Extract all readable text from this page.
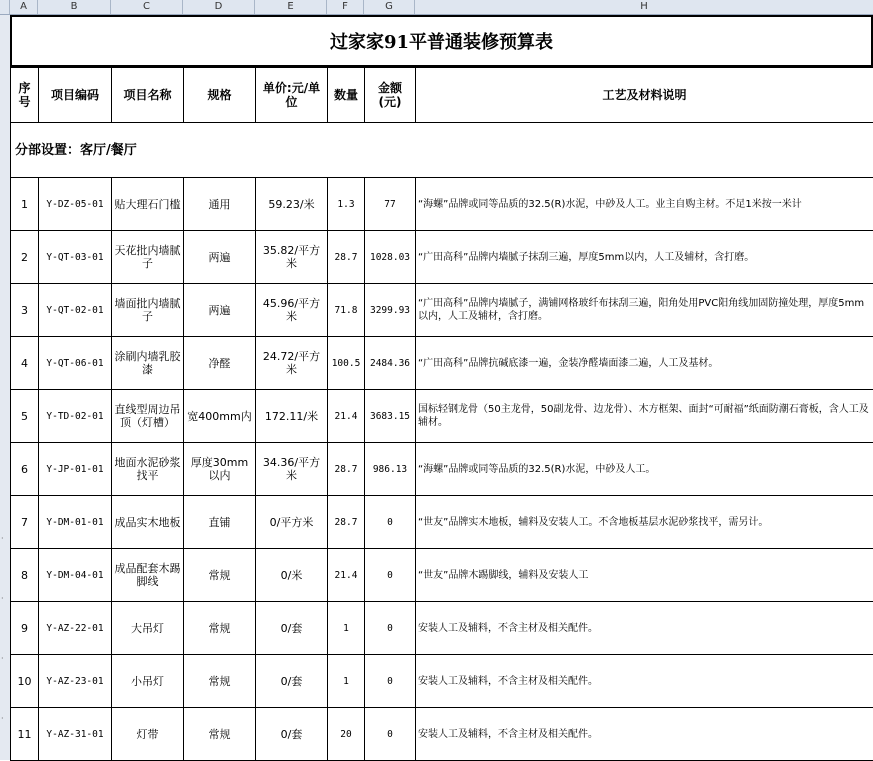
A	B	C	D	E	F	G	H
·
·
·
·
过家家91平普通装修预算表
序号	项目编码	项目名称	规格	单价:元/单位	数量	金额(元)	工艺及材料说明
分部设置：客厅/餐厅							
1	Y-DZ-05-01	贴大理石门槛	通用	59.23/米	1.3	77	“海螺”品牌或同等品质的32.5(R)水泥，中砂及人工。业主自购主材。不足1米按一米计
2	Y-QT-03-01	天花批内墙腻子	两遍	35.82/平方米	28.7	1028.03	“广田高科”品牌内墙腻子抹刮三遍，厚度5mm以内，人工及辅材，含打磨。
3	Y-QT-02-01	墙面批内墙腻子	两遍	45.96/平方米	71.8	3299.93	“广田高科”品牌内墙腻子，满铺网格玻纤布抹刮三遍，阳角处用PVC阳角线加固防撞处理，厚度5mm以内，人工及辅材，含打磨。
4	Y-QT-06-01	涂刷内墙乳胶漆	净醛	24.72/平方米	100.5	2484.36	“广田高科”品牌抗碱底漆一遍，金装净醛墙面漆二遍，人工及基材。
5	Y-TD-02-01	直线型周边吊顶（灯槽）	宽400mm内	172.11/米	21.4	3683.15	国标轻钢龙骨（50主龙骨，50副龙骨、边龙骨）、木方框架、面封“可耐福”纸面防潮石膏板，含人工及辅材。
6	Y-JP-01-01	地面水泥砂浆找平	厚度30mm以内	34.36/平方米	28.7	986.13	“海螺”品牌或同等品质的32.5(R)水泥，中砂及人工。
7	Y-DM-01-01	成品实木地板	直铺	0/平方米	28.7	0	“世友”品牌实木地板，辅料及安装人工。不含地板基层水泥砂浆找平，需另计。
8	Y-DM-04-01	成品配套木踢脚线	常规	0/米	21.4	0	“世友”品牌木踢脚线，辅料及安装人工
9	Y-AZ-22-01	大吊灯	常规	0/套	1	0	安装人工及辅料，不含主材及相关配件。
10	Y-AZ-23-01	小吊灯	常规	0/套	1	0	安装人工及辅料，不含主材及相关配件。
11	Y-AZ-31-01	灯带	常规	0/套	20	0	安装人工及辅料，不含主材及相关配件。
